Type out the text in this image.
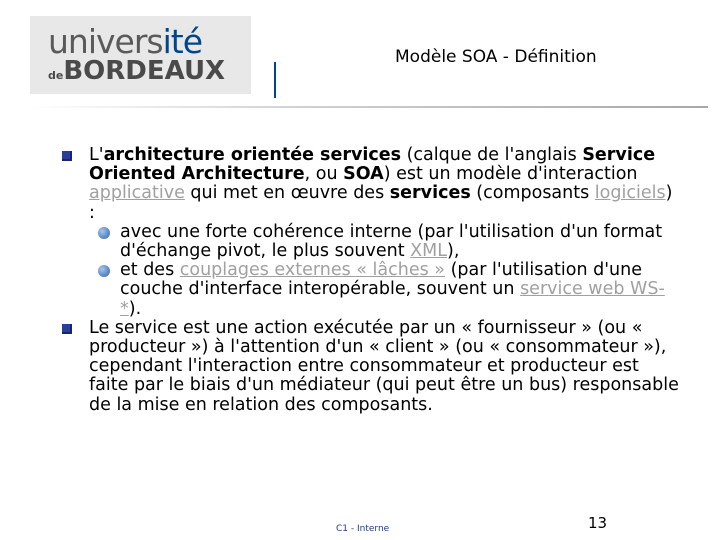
université
deBORDEAUX	Modèle SOA - Définition

L'architecture orientée services (calque de l'anglais Service Oriented Architecture, ou SOA) est un modèle d'interaction applicative qui met en œuvre des services (composants logiciels) :

avec une forte cohérence interne (par l'utilisation d'un format d'échange pivot, le plus souvent XML),

et des couplages externes « lâches » (par l'utilisation d'une couche d'interface interopérable, souvent un service web WS-*).

Le service est une action exécutée par un « fournisseur » (ou « producteur ») à l'attention d'un « client » (ou « consommateur »), cependant l'interaction entre consommateur et producteur est faite par le biais d'un médiateur (qui peut être un bus) responsable de la mise en relation des composants.

C1 - Interne	13
